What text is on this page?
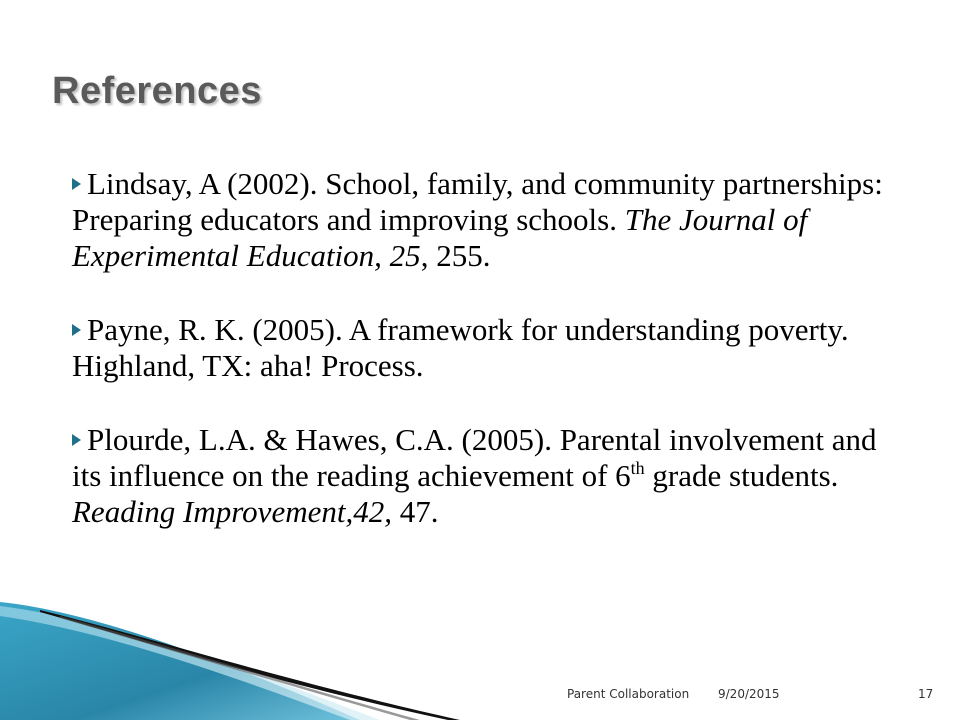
References

Lindsay, A (2002). School, family, and community partnerships: Preparing educators and improving schools. The Journal of Experimental Education, 25, 255.

Payne, R. K. (2005). A framework for understanding poverty. Highland, TX: aha! Process.

Plourde, L.A. & Hawes, C.A. (2005). Parental involvement and its influence on the reading achievement of 6th grade students. Reading Improvement,42, 47.

Parent Collaboration 9/20/2015	17
